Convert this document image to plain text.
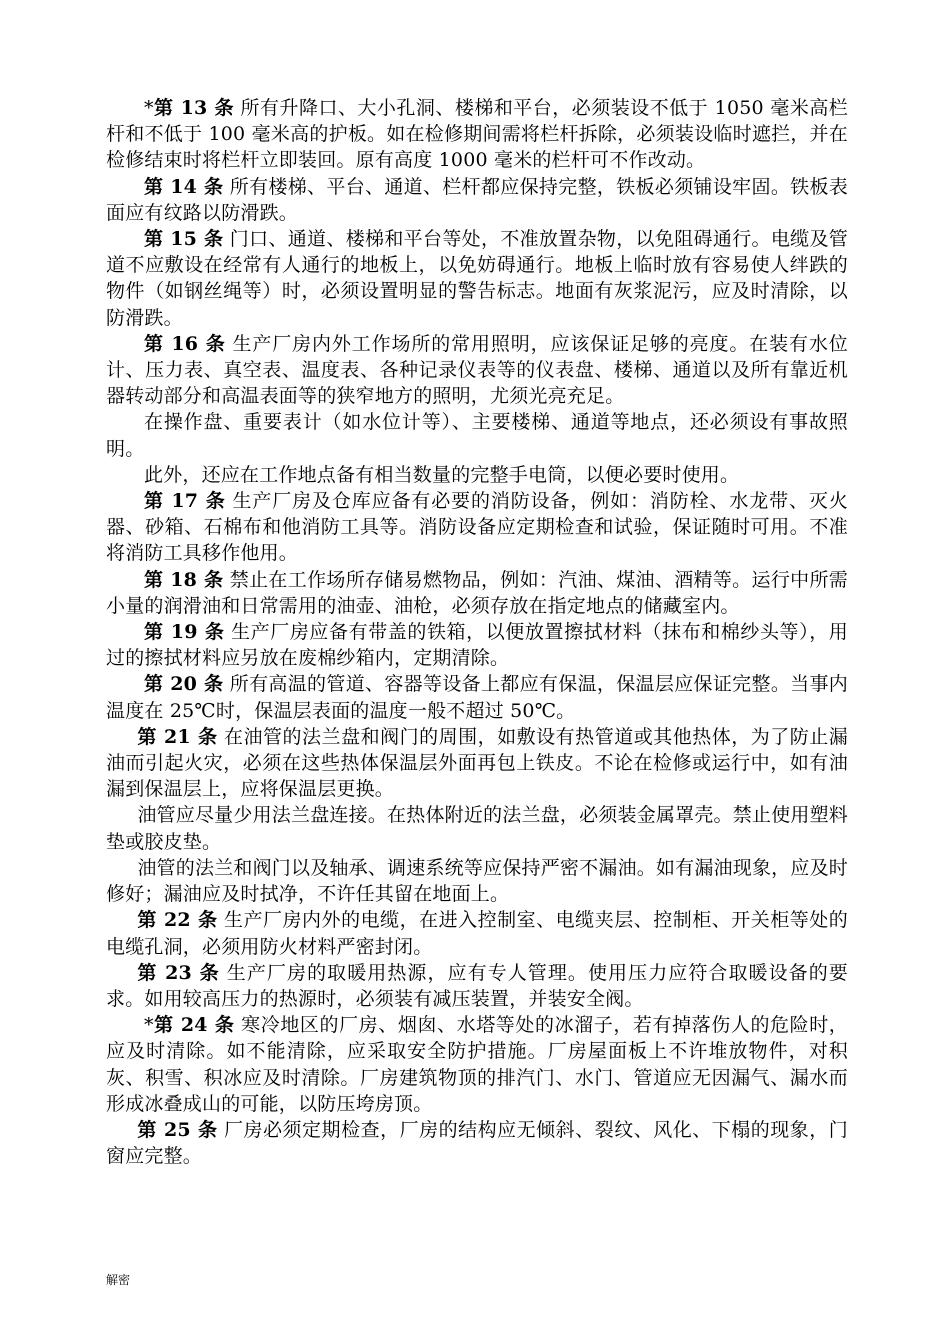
*第 13 条 所有升降口、大小孔洞、楼梯和平台，必须装设不低于 1050 毫米高栏杆和不低于 100 毫米高的护板。如在检修期间需将栏杆拆除，必须装设临时遮拦，并在检修结束时将栏杆立即装回。原有高度 1000 毫米的栏杆可不作改动。

第 14 条 所有楼梯、平台、通道、栏杆都应保持完整，铁板必须铺设牢固。铁板表面应有纹路以防滑跌。

第 15 条 门口、通道、楼梯和平台等处，不准放置杂物，以免阻碍通行。电缆及管道不应敷设在经常有人通行的地板上，以免妨碍通行。地板上临时放有容易使人绊跌的物件（如钢丝绳等）时，必须设置明显的警告标志。地面有灰浆泥污，应及时清除，以防滑跌。

第 16 条 生产厂房内外工作场所的常用照明，应该保证足够的亮度。在装有水位计、压力表、真空表、温度表、各种记录仪表等的仪表盘、楼梯、通道以及所有靠近机器转动部分和高温表面等的狭窄地方的照明，尤须光亮充足。

在操作盘、重要表计（如水位计等）、主要楼梯、通道等地点，还必须设有事故照明。

此外，还应在工作地点备有相当数量的完整手电筒，以便必要时使用。

第 17 条 生产厂房及仓库应备有必要的消防设备，例如：消防栓、水龙带、灭火器、砂箱、石棉布和他消防工具等。消防设备应定期检查和试验，保证随时可用。不准将消防工具移作他用。

第 18 条 禁止在工作场所存储易燃物品，例如：汽油、煤油、酒精等。运行中所需小量的润滑油和日常需用的油壶、油枪，必须存放在指定地点的储藏室内。

第 19 条 生产厂房应备有带盖的铁箱，以便放置擦拭材料（抹布和棉纱头等），用过的擦拭材料应另放在废棉纱箱内，定期清除。

第 20 条 所有高温的管道、容器等设备上都应有保温，保温层应保证完整。当事内温度在 25℃时，保温层表面的温度一般不超过 50℃。

第 21 条 在油管的法兰盘和阀门的周围，如敷设有热管道或其他热体，为了防止漏油而引起火灾，必须在这些热体保温层外面再包上铁皮。不论在检修或运行中，如有油漏到保温层上，应将保温层更换。

油管应尽量少用法兰盘连接。在热体附近的法兰盘，必须装金属罩壳。禁止使用塑料垫或胶皮垫。

油管的法兰和阀门以及轴承、调速系统等应保持严密不漏油。如有漏油现象，应及时修好；漏油应及时拭净，不许任其留在地面上。

第 22 条 生产厂房内外的电缆，在进入控制室、电缆夹层、控制柜、开关柜等处的电缆孔洞，必须用防火材料严密封闭。

第 23 条 生产厂房的取暖用热源，应有专人管理。使用压力应符合取暖设备的要求。如用较高压力的热源时，必须装有减压装置，并装安全阀。

*第 24 条 寒冷地区的厂房、烟囱、水塔等处的冰溜子，若有掉落伤人的危险时，应及时清除。如不能清除，应采取安全防护措施。厂房屋面板上不许堆放物件，对积灰、积雪、积冰应及时清除。厂房建筑物顶的排汽门、水门、管道应无因漏气、漏水而形成冰叠成山的可能，以防压垮房顶。

第 25 条 厂房必须定期检查，厂房的结构应无倾斜、裂纹、风化、下榻的现象，门窗应完整。

解密
